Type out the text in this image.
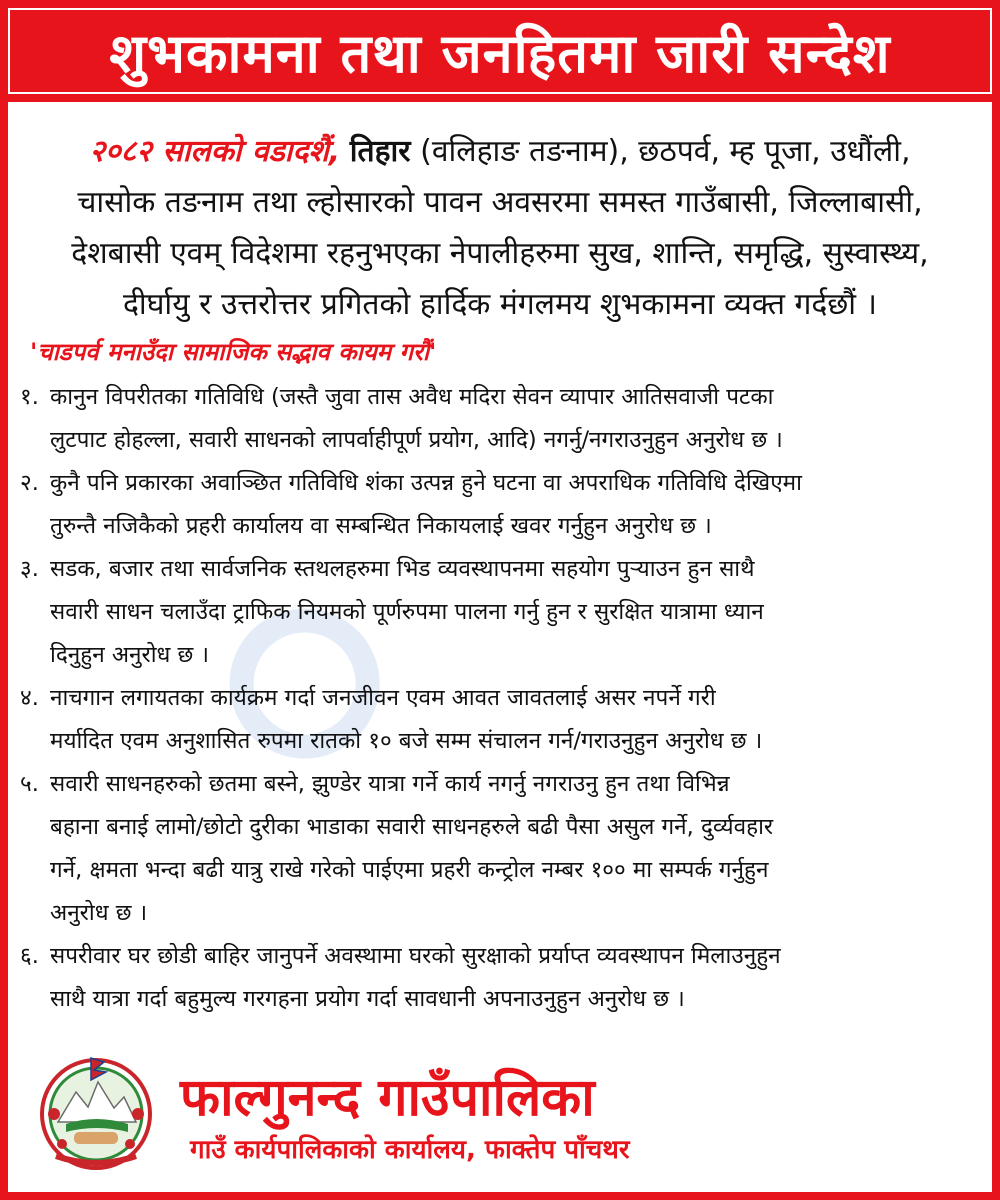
शुभकामना तथा जनहितमा जारी सन्देश
२०८२ सालको वडादशैं, तिहार (वलिहाङ तङनाम), छठपर्व, म्ह पूजा, उधौंली,
चासोक तङनाम तथा ल्होसारको पावन अवसरमा समस्त गाउँबासी, जिल्लाबासी,
देशबासी एवम् विदेशमा रहनुभएका नेपालीहरुमा सुख, शान्ति, समृद्धि, सुस्वास्थ्य,
दीर्घायु र उत्तरोत्तर प्रगितको हार्दिक मंगलमय शुभकामना व्यक्त गर्दछौं ।
'चाडपर्व मनाउँदा सामाजिक सद्भाव कायम गरौं'
१. कानुन विपरीतका गतिविधि (जस्तै जुवा तास अवैध मदिरा सेवन व्यापार आतिसवाजी पटका
लुटपाट होहल्ला, सवारी साधनको लापर्वाहीपूर्ण प्रयोग, आदि) नगर्नु/नगराउनुहुन अनुरोध छ ।
२. कुनै पनि प्रकारका अवाञ्छित गतिविधि शंका उत्पन्न हुने घटना वा अपराधिक गतिविधि देखिएमा
तुरुन्तै नजिकैको प्रहरी कार्यालय वा सम्बन्धित निकायलाई खवर गर्नुहुन अनुरोध छ ।
३. सडक, बजार तथा सार्वजनिक स्तथलहरुमा भिड व्यवस्थापनमा सहयोग पुर्‍याउन हुन साथै
सवारी साधन चलाउँदा ट्राफिक नियमको पूर्णरुपमा पालना गर्नु हुन र सुरक्षित यात्रामा ध्यान
दिनुहुन अनुरोध छ ।
४. नाचगान लगायतका कार्यक्रम गर्दा जनजीवन एवम आवत जावतलाई असर नपर्ने गरी
मर्यादित एवम अनुशासित रुपमा रातको १० बजे सम्म संचालन गर्न/गराउनुहुन अनुरोध छ ।
५. सवारी साधनहरुको छतमा बस्ने, झुण्डेर यात्रा गर्ने कार्य नगर्नु नगराउनु हुन तथा विभिन्न
बहाना बनाई लामो/छोटो दुरीका भाडाका सवारी साधनहरुले बढी पैसा असुल गर्ने, दुर्व्यवहार
गर्ने, क्षमता भन्दा बढी यात्रु राखे गरेको पाईएमा प्रहरी कन्ट्रोल नम्बर १०० मा सम्पर्क गर्नुहुन
अनुरोध छ ।
६. सपरीवार घर छोडी बाहिर जानुपर्ने अवस्थामा घरको सुरक्षाको प्रर्याप्त व्यवस्थापन मिलाउनुहुन
साथै यात्रा गर्दा बहुमुल्य गरगहना प्रयोग गर्दा सावधानी अपनाउनुहुन अनुरोध छ ।
फाल्गुनन्द गाउँपालिका
गाउँ कार्यपालिकाको कार्यालय, फाक्तेप पाँचथर
